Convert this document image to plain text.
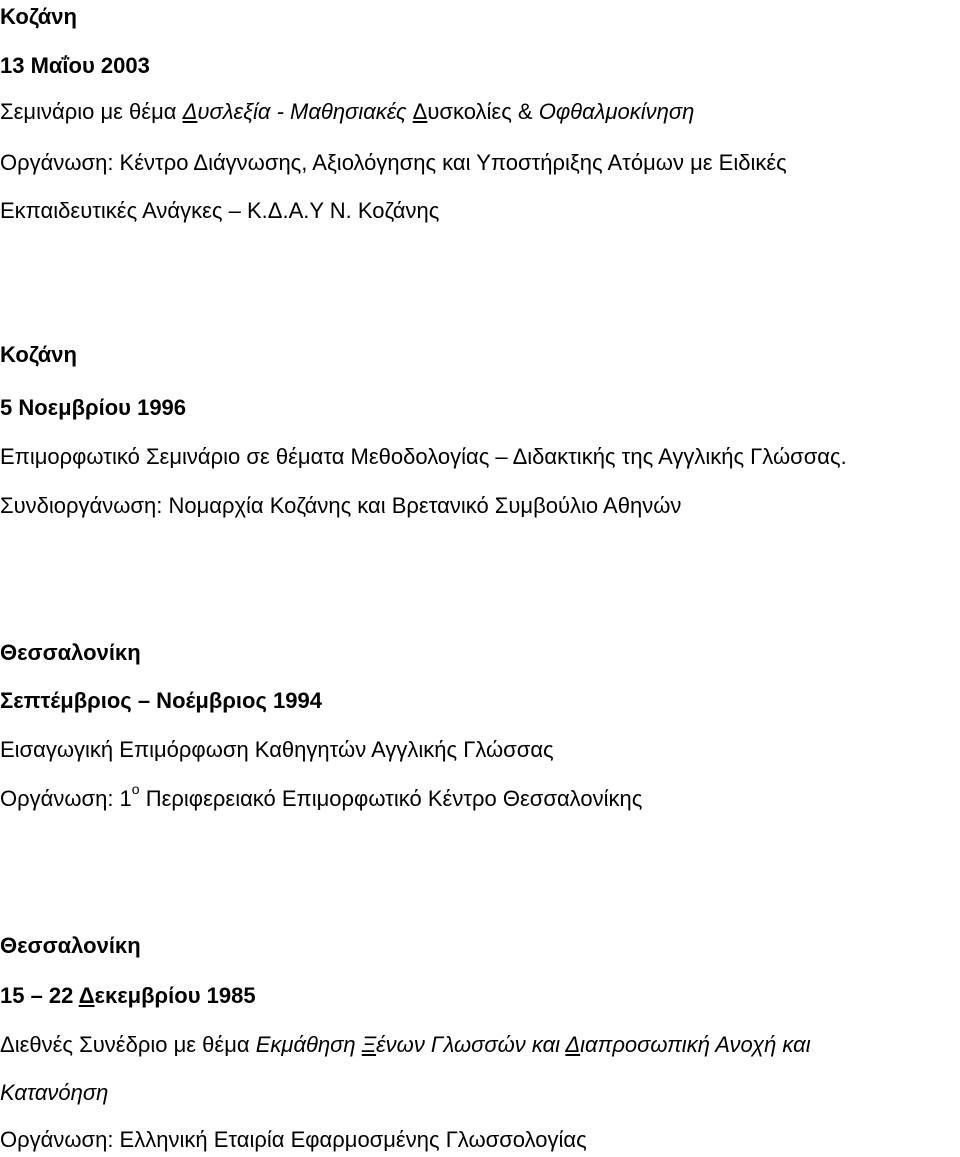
Κοζάνη
13 Μαΐου 2003
Σεμινάριο με θέμα Δυσλεξία - Μαθησιακές Δυσκολίες & Οφθαλμοκίνηση
Οργάνωση: Κέντρο Διάγνωσης, Αξιολόγησης και Υποστήριξης Ατόμων με Ειδικές
Εκπαιδευτικές Ανάγκες – Κ.Δ.Α.Υ Ν. Κοζάνης
Κοζάνη
5 Νοεμβρίου 1996
Επιμορφωτικό Σεμινάριο σε θέματα Μεθοδολογίας – Διδακτικής της Αγγλικής Γλώσσας.
Συνδιοργάνωση: Νομαρχία Κοζάνης και Βρετανικό Συμβούλιο Αθηνών
Θεσσαλονίκη
Σεπτέμβριος – Νοέμβριος 1994
Εισαγωγική Επιμόρφωση Καθηγητών Αγγλικής Γλώσσας
Οργάνωση: $1^o$ Περιφερειακό Επιμορφωτικό Κέντρο Θεσσαλονίκης
Θεσσαλονίκη
15 – 22 Δεκεμβρίου 1985
Διεθνές Συνέδριο με θέμα Εκμάθηση Ξένων Γλωσσών και Διαπροσωπική Ανοχή και
Κατανόηση
Οργάνωση: Ελληνική Εταιρία Εφαρμοσμένης Γλωσσολογίας
